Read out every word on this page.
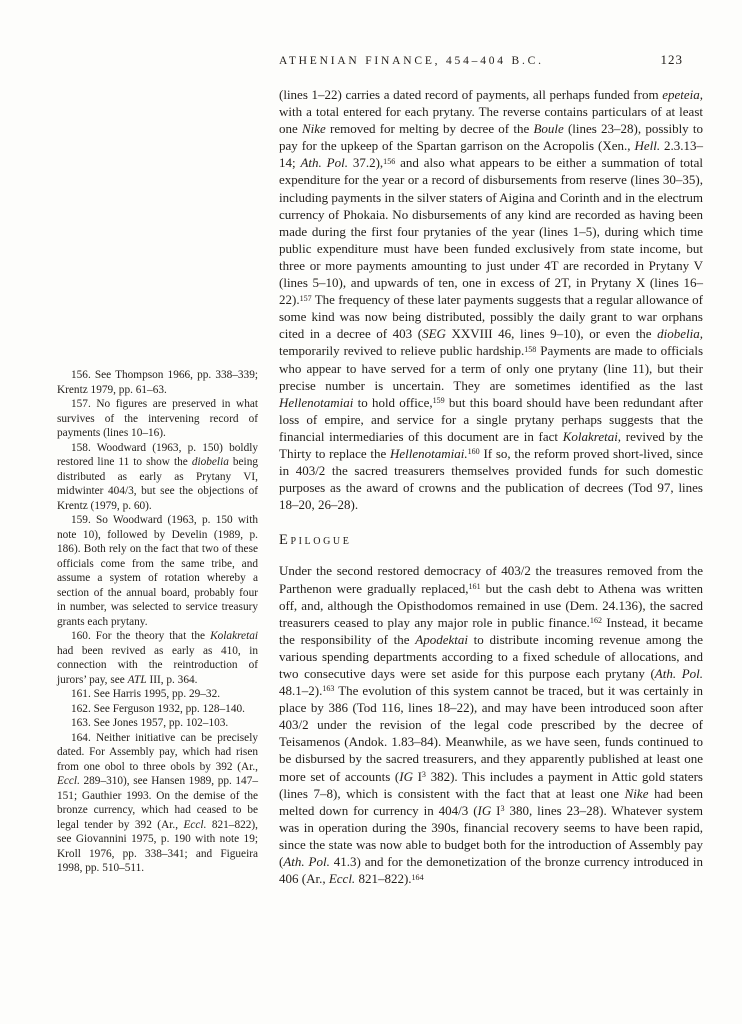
ATHENIAN FINANCE, 454–404 B.C.	123

156. See Thompson 1966, pp. 338–339; Krentz 1979, pp. 61–63.

157. No figures are preserved in what survives of the intervening record of payments (lines 10–16).

158. Woodward (1963, p. 150) boldly restored line 11 to show the diobelia being distributed as early as Prytany VI, midwinter 404/3, but see the objections of Krentz (1979, p. 60).

159. So Woodward (1963, p. 150 with note 10), followed by Develin (1989, p. 186). Both rely on the fact that two of these officials come from the same tribe, and assume a system of rotation whereby a section of the annual board, probably four in number, was selected to service treasury grants each prytany.

160. For the theory that the Kolakretai had been revived as early as 410, in connection with the reintroduction of jurors’ pay, see ATL III, p. 364.

161. See Harris 1995, pp. 29–32.

162. See Ferguson 1932, pp. 128–140.

163. See Jones 1957, pp. 102–103.

164. Neither initiative can be precisely dated. For Assembly pay, which had risen from one obol to three obols by 392 (Ar., Eccl. 289–310), see Hansen 1989, pp. 147–151; Gauthier 1993. On the demise of the bronze currency, which had ceased to be legal tender by 392 (Ar., Eccl. 821–822), see Giovannini 1975, p. 190 with note 19; Kroll 1976, pp. 338–341; and Figueira 1998, pp. 510–511.

(lines 1–22) carries a dated record of payments, all perhaps funded from epeteia, with a total entered for each prytany. The reverse contains particulars of at least one Nike removed for melting by decree of the Boule (lines 23–28), possibly to pay for the upkeep of the Spartan garrison on the Acropolis (Xen., Hell. 2.3.13–14; Ath. Pol. 37.2),$^{156}$ and also what appears to be either a summation of total expenditure for the year or a record of disbursements from reserve (lines 30–35), including payments in the silver staters of Aigina and Corinth and in the electrum currency of Phokaia. No disbursements of any kind are recorded as having been made during the first four prytanies of the year (lines 1–5), during which time public expenditure must have been funded exclusively from state income, but three or more payments amounting to just under 4T are recorded in Prytany V (lines 5–10), and upwards of ten, one in excess of 2T, in Prytany X (lines 16–22).$^{157}$ The frequency of these later payments suggests that a regular allowance of some kind was now being distributed, possibly the daily grant to war orphans cited in a decree of 403 (SEG XXVIII 46, lines 9–10), or even the diobelia, temporarily revived to relieve public hardship.$^{158}$ Payments are made to officials who appear to have served for a term of only one prytany (line 11), but their precise number is uncertain. They are sometimes identified as the last Hellenotamiai to hold office,$^{159}$ but this board should have been redundant after loss of empire, and service for a single prytany perhaps suggests that the financial intermediaries of this document are in fact Kolakretai, revived by the Thirty to replace the Hellenotamiai.$^{160}$ If so, the reform proved short-lived, since in 403/2 the sacred treasurers themselves provided funds for such domestic purposes as the award of crowns and the publication of decrees (Tod 97, lines 18–20, 26–28).

Epilogue

Under the second restored democracy of 403/2 the treasures removed from the Parthenon were gradually replaced,$^{161}$ but the cash debt to Athena was written off, and, although the Opisthodomos remained in use (Dem. 24.136), the sacred treasurers ceased to play any major role in public finance.$^{162}$ Instead, it became the responsibility of the Apodektai to distribute incoming revenue among the various spending departments according to a fixed schedule of allocations, and two consecutive days were set aside for this purpose each prytany (Ath. Pol. 48.1–2).$^{163}$ The evolution of this system cannot be traced, but it was certainly in place by 386 (Tod 116, lines 18–22), and may have been introduced soon after 403/2 under the revision of the legal code prescribed by the decree of Teisamenos (Andok. 1.83–84). Meanwhile, as we have seen, funds continued to be disbursed by the sacred treasurers, and they apparently published at least one more set of accounts (IG $I^3$ 382). This includes a payment in Attic gold staters (lines 7–8), which is consistent with the fact that at least one Nike had been melted down for currency in 404/3 (IG $I^3$ 380, lines 23–28). Whatever system was in operation during the 390s, financial recovery seems to have been rapid, since the state was now able to budget both for the introduction of Assembly pay (Ath. Pol. 41.3) and for the demonetization of the bronze currency introduced in 406 (Ar., Eccl. 821–822).$^{164}$
